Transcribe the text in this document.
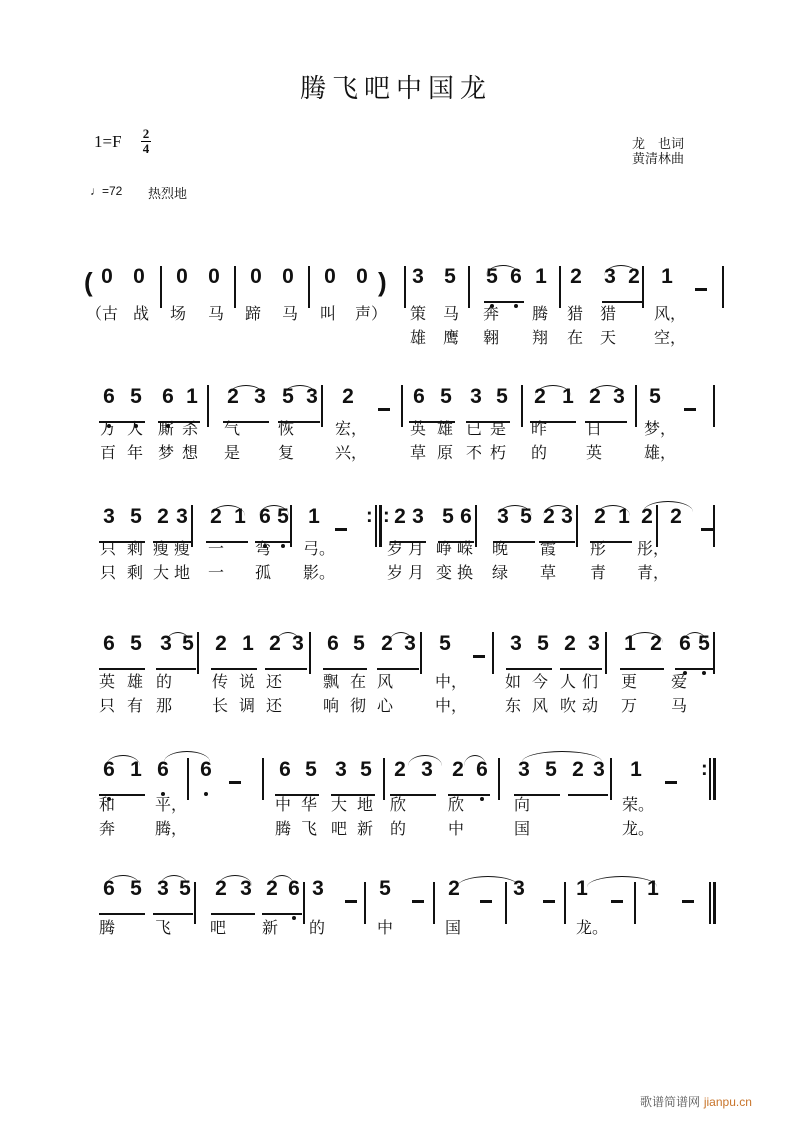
腾飞吧中国龙
1=F 2
4
♩=72 热烈地
龙　也词
黄清林曲
0 0 0 0 0 0 0 0 3 5 5 6 1 2 3 2 1
6 5 6 1 2 3 5 3 2	6 5 3 5 2 1 2 3 5
3 5 2 3 2 1 6 5 1	2 3 5 6 3 5 2 3 2 1 2 2
6 5 3 5 2 1 2 3 6 5 2 3 5	3 5 2 3 1 2 6 5
6 1 6 6	6 5 3 5 2 3 2 6 3 5 2 3 1
6 5 3 5 2 3 2 6 3	5	2	3 1	1
(	)
: :
:
（古 战 场 马 蹄 马 叫 声） 策 马 奔 腾 猎 猎 风，
雄 鹰 翱 翔 在 天 空，
万 人 厮 杀 气 恢	宏，	英 雄 已 是 昨 日	梦，
百 年 梦 想 是 复	兴，	草 原 不 朽 的 英	雄，
只 剩 瘦 瘦 一 弯 弓。	岁 月 峥 嵘 晚 霞 彤 彤，
只 剩 大 地 一 孤 影。	岁 月 变 换 绿 草 青 青，
英 雄 的 传 说 还	飘 在 风	中， 如 今 人 们 更 爱
只 有 那 长 调 还	响 彻 心	中， 东 风 吹 动 万 马
和 平，	中 华 大 地 欣	欣	向	荣。
奔 腾，	腾 飞 吧 新 的	中	国	龙。
腾 飞 吧 新 的	中	国	龙。
歌谱简谱网 jianpu.cn
